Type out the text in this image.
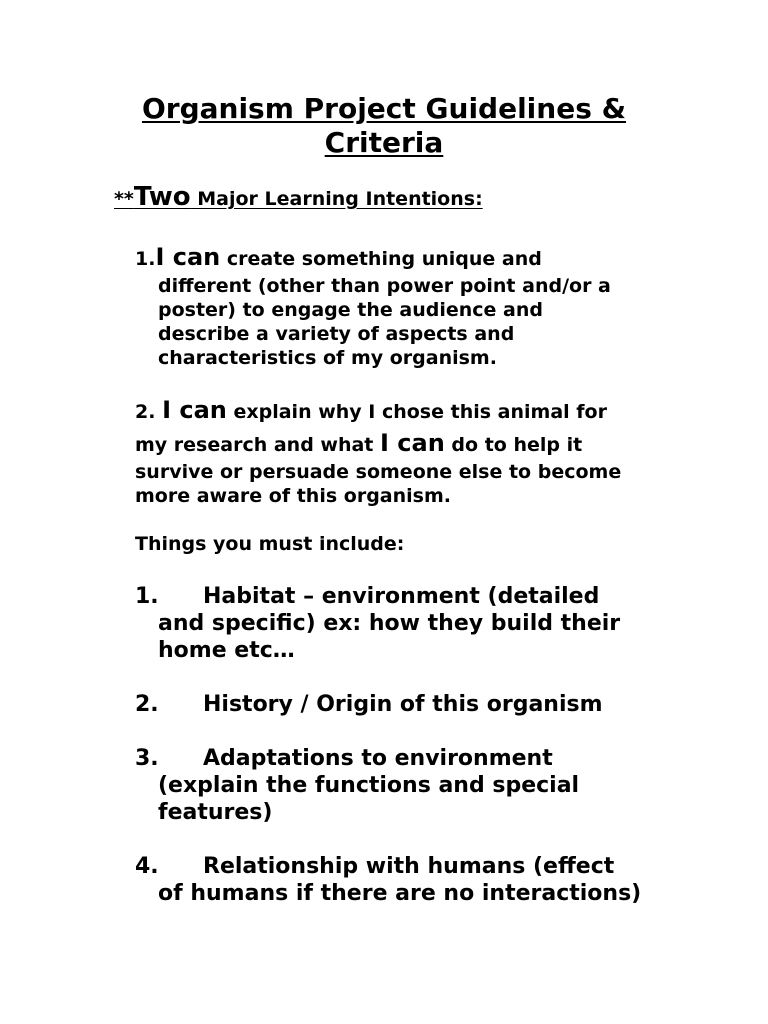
Organism Project Guidelines &
Criteria
**Two Major Learning Intentions:
1.I can create something unique and
different (other than power point and/or a
poster) to engage the audience and
describe a variety of aspects and
characteristics of my organism.
2. I can explain why I chose this animal for
my research and what I can do to help it
survive or persuade someone else to become
more aware of this organism.
Things you must include:
1. Habitat – environment (detailed
and specific) ex: how they build their
home etc…
2. History / Origin of this organism
3. Adaptations to environment
(explain the functions and special
features)
4. Relationship with humans (effect
of humans if there are no interactions)
